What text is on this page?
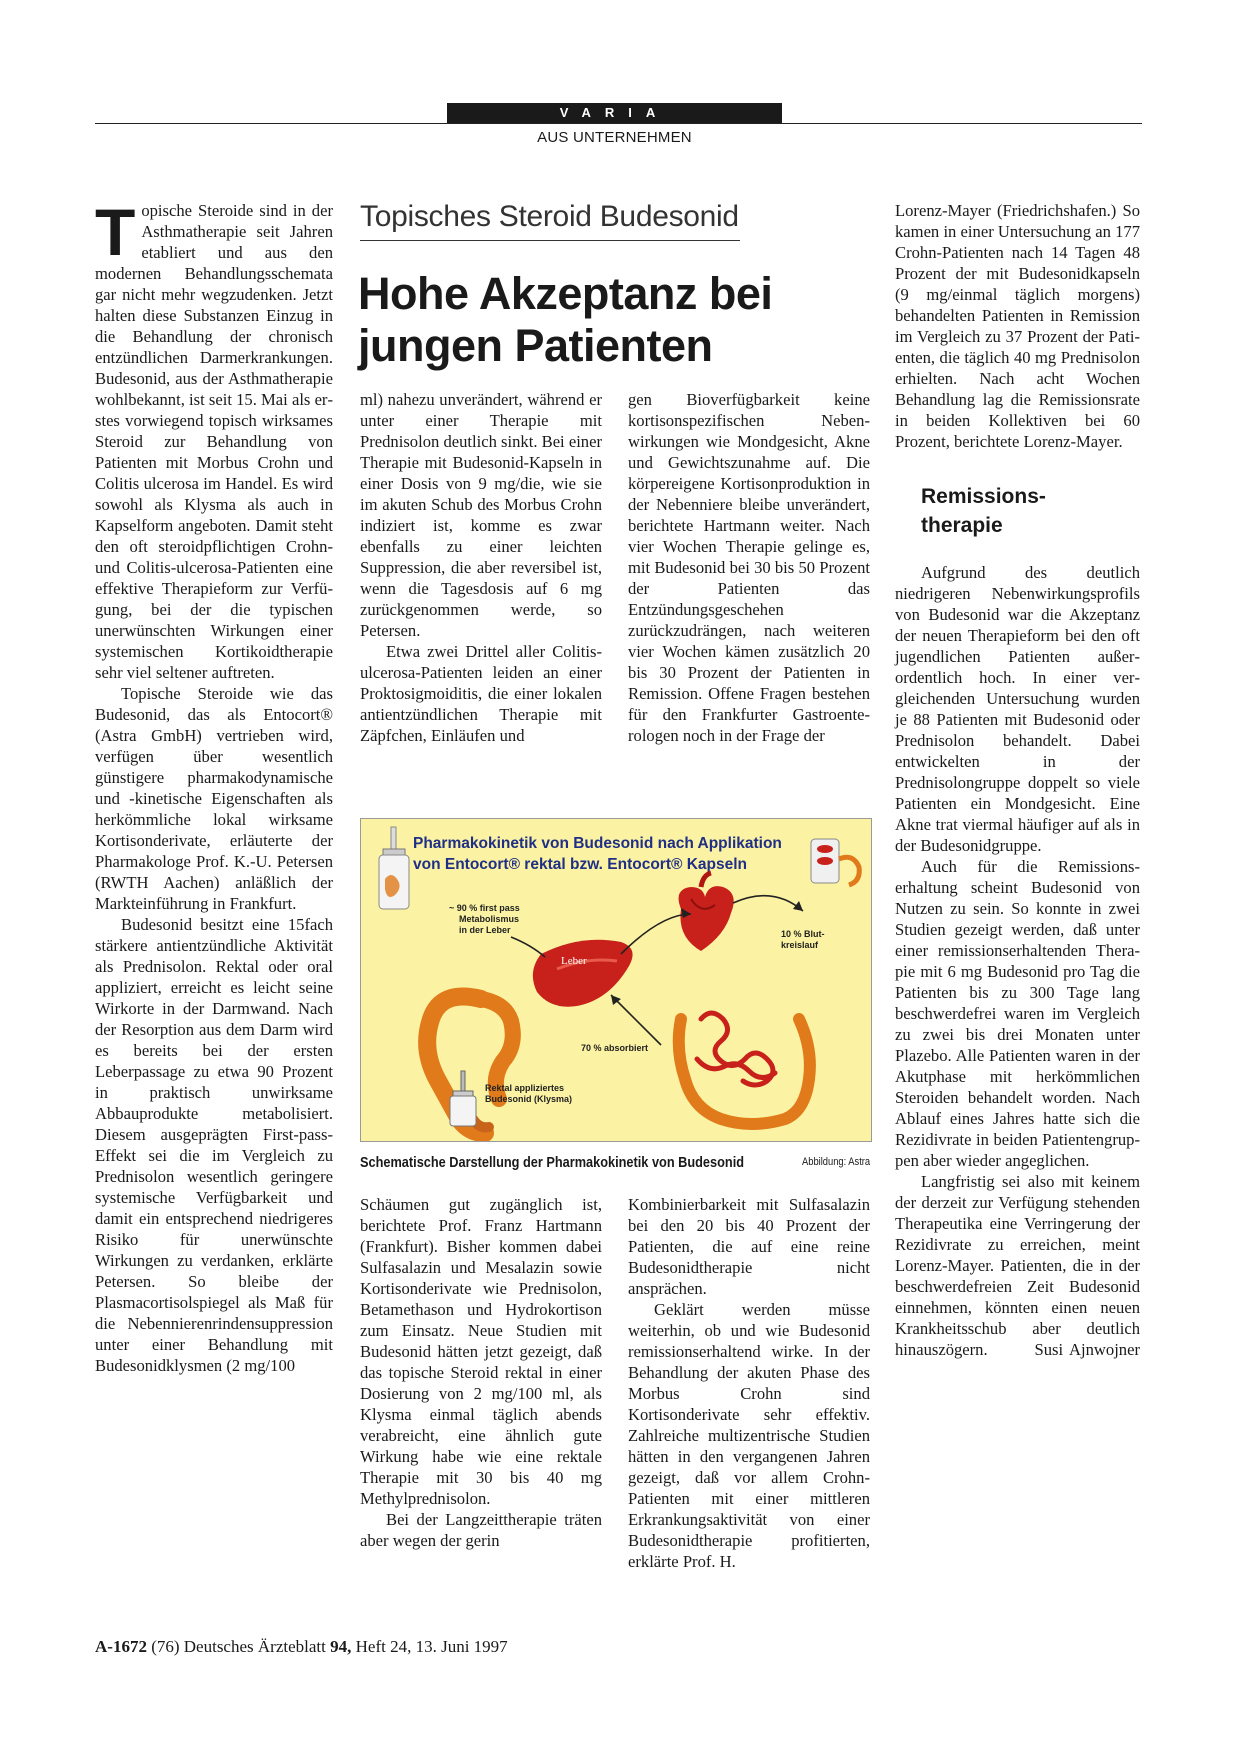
VARIA
AUS UNTERNEHMEN

Topische Steroide sind in der Asthmatherapie seit Jahren etabliert und aus den modernen Behandlungsschemata gar nicht mehr wegzudenken. Jetzt halten diese Substanzen Einzug in die Behandlung der chronisch entzündlichen Darmerkrankungen. Budesonid, aus der Asthmatherapie wohlbekannt, ist seit 15. Mai als erstes vorwiegend topisch wirksames Steroid zur Behandlung von Patienten mit Morbus Crohn und Colitis ulcerosa im Handel. Es wird sowohl als Klysma als auch in Kapselform angeboten. Damit steht den oft steroidpflichtigen Crohn- und Colitis-ulcerosa-Patienten eine effektive Therapieform zur Verfügung, bei der die typischen unerwünschten Wirkungen einer systemischen Kortikoidtherapie sehr viel seltener auftreten.

Topische Steroide wie das Budesonid, das als Entocort® (Astra GmbH) vertrieben wird, verfügen über wesentlich günstigere pharmakodynamische und -kinetische Eigenschaften als herkömmliche lokal wirksame Kortisonderivate, erläuterte der Pharmakologe Prof. K.-U. Petersen (RWTH Aachen) anläßlich der Markteinführung in Frankfurt.

Budesonid besitzt eine 15fach stärkere antientzündliche Aktivität als Prednisolon. Rektal oder oral appliziert, erreicht es leicht seine Wirkorte in der Darmwand. Nach der Resorption aus dem Darm wird es bereits bei der ersten Leberpassage zu etwa 90 Prozent in praktisch unwirksame Abbauprodukte metabolisiert. Diesem ausgeprägten First-pass-Effekt sei die im Vergleich zu Prednisolon wesentlich geringere systemische Verfügbarkeit und damit ein entsprechend niedrigeres Risiko für unerwünschte Wirkungen zu verdanken, erklärte Petersen. So bleibe der Plasmacortisolspiegel als Maß für die Nebennierenrindensuppression unter einer Behandlung mit Budesonidklysmen (2 mg/100

Topisches Steroid Budesonid
Hohe Akzeptanz bei
jungen Patienten

ml) nahezu unverändert, während er unter einer Therapie mit Prednisolon deutlich sinkt. Bei einer Therapie mit Budesonid-Kapseln in einer Dosis von 9 mg/die, wie sie im akuten Schub des Morbus Crohn indiziert ist, komme es zwar ebenfalls zu einer leichten Suppression, die aber reversibel ist, wenn die Tagesdosis auf 6 mg zurückgenommen werde, so Petersen.

Etwa zwei Drittel aller Colitis-ulcerosa-Patienten leiden an einer Proktosigmoiditis, die einer lokalen antientzündlichen Therapie mit Zäpfchen, Einläufen und

gen Bioverfügbarkeit keine kortisonspezifischen Nebenwirkungen wie Mondgesicht, Akne und Gewichtszunahme auf. Die körpereigene Kortisonproduktion in der Nebenniere bleibe unverändert, berichtete Hartmann weiter. Nach vier Wochen Therapie gelinge es, mit Budesonid bei 30 bis 50 Prozent der Patienten das Entzündungsgeschehen zurückzudrängen, nach weiteren vier Wochen kämen zusätzlich 20 bis 30 Prozent der Patienten in Remission. Offene Fragen bestehen für den Frankfurter Gastroenterologen noch in der Frage der

Pharmakokinetik von Budesonid nach Applikation
von Entocort® rektal bzw. Entocort® Kapseln
~ 90 % first pass
Metabolismus
in der Leber
Leber
10 % Blut-
kreislauf
70 % absorbiert
Rektal appliziertes
Budesonid (Klysma)
Schematische Darstellung der Pharmakokinetik von Budesonid	Abbildung: Astra

Schäumen gut zugänglich ist, berichtete Prof. Franz Hartmann (Frankfurt). Bisher kommen dabei Sulfasalazin und Mesalazin sowie Kortisonderivate wie Prednisolon, Betamethason und Hydrokortison zum Einsatz. Neue Studien mit Budesonid hätten jetzt gezeigt, daß das topische Steroid rektal in einer Dosierung von 2 mg/100 ml, als Klysma einmal täglich abends verabreicht, eine ähnlich gute Wirkung habe wie eine rektale Therapie mit 30 bis 40 mg Methylprednisolon.

Bei der Langzeittherapie träten aber wegen der gerin

Kombinierbarkeit mit Sulfasalazin bei den 20 bis 40 Prozent der Patienten, die auf eine reine Budesonidtherapie nicht ansprächen.

Geklärt werden müsse weiterhin, ob und wie Budesonid remissionserhaltend wirke. In der Behandlung der akuten Phase des Morbus Crohn sind Kortisonderivate sehr effektiv. Zahlreiche multizentrische Studien hätten in den vergangenen Jahren gezeigt, daß vor allem Crohn-Patienten mit einer mittleren Erkrankungsaktivität von einer Budesonidtherapie profitierten, erklärte Prof. H.

Lorenz-Mayer (Friedrichshafen.) So kamen in einer Untersuchung an 177 Crohn-Patienten nach 14 Tagen 48 Prozent der mit Budesonidkapseln (9 mg/einmal täglich morgens) behandelten Patienten in Remission im Vergleich zu 37 Prozent der Patienten, die täglich 40 mg Prednisolon erhielten. Nach acht Wochen Behandlung lag die Remissionsrate in beiden Kollektiven bei 60 Prozent, berichtete Lorenz-Mayer.

Remissions-
therapie

Aufgrund des deutlich niedrigeren Nebenwirkungsprofils von Budesonid war die Akzeptanz der neuen Therapieform bei den oft jugendlichen Patienten außerordentlich hoch. In einer vergleichenden Untersuchung wurden je 88 Patienten mit Budesonid oder Prednisolon behandelt. Dabei entwickelten in der Prednisolongruppe doppelt so viele Patienten ein Mondgesicht. Eine Akne trat viermal häufiger auf als in der Budesonidgruppe.

Auch für die Remissionserhaltung scheint Budesonid von Nutzen zu sein. So konnte in zwei Studien gezeigt werden, daß unter einer remissionserhaltenden Therapie mit 6 mg Budesonid pro Tag die Patienten bis zu 300 Tage lang beschwerdefrei waren im Vergleich zu zwei bis drei Monaten unter Plazebo. Alle Patienten waren in der Akutphase mit herkömmlichen Steroiden behandelt worden. Nach Ablauf eines Jahres hatte sich die Rezidivrate in beiden Patientengruppen aber wieder angeglichen.

Langfristig sei also mit keinem der derzeit zur Verfügung stehenden Therapeutika eine Verringerung der Rezidivrate zu erreichen, meint Lorenz-Mayer. Patienten, die in der beschwerdefreien Zeit Budesonid einnehmen, könnten einen neuen Krankheitsschub aber deutlich hinauszögern.	Susi Ajnwojner

A-1672 (76) Deutsches Ärzteblatt 94, Heft 24, 13. Juni 1997
